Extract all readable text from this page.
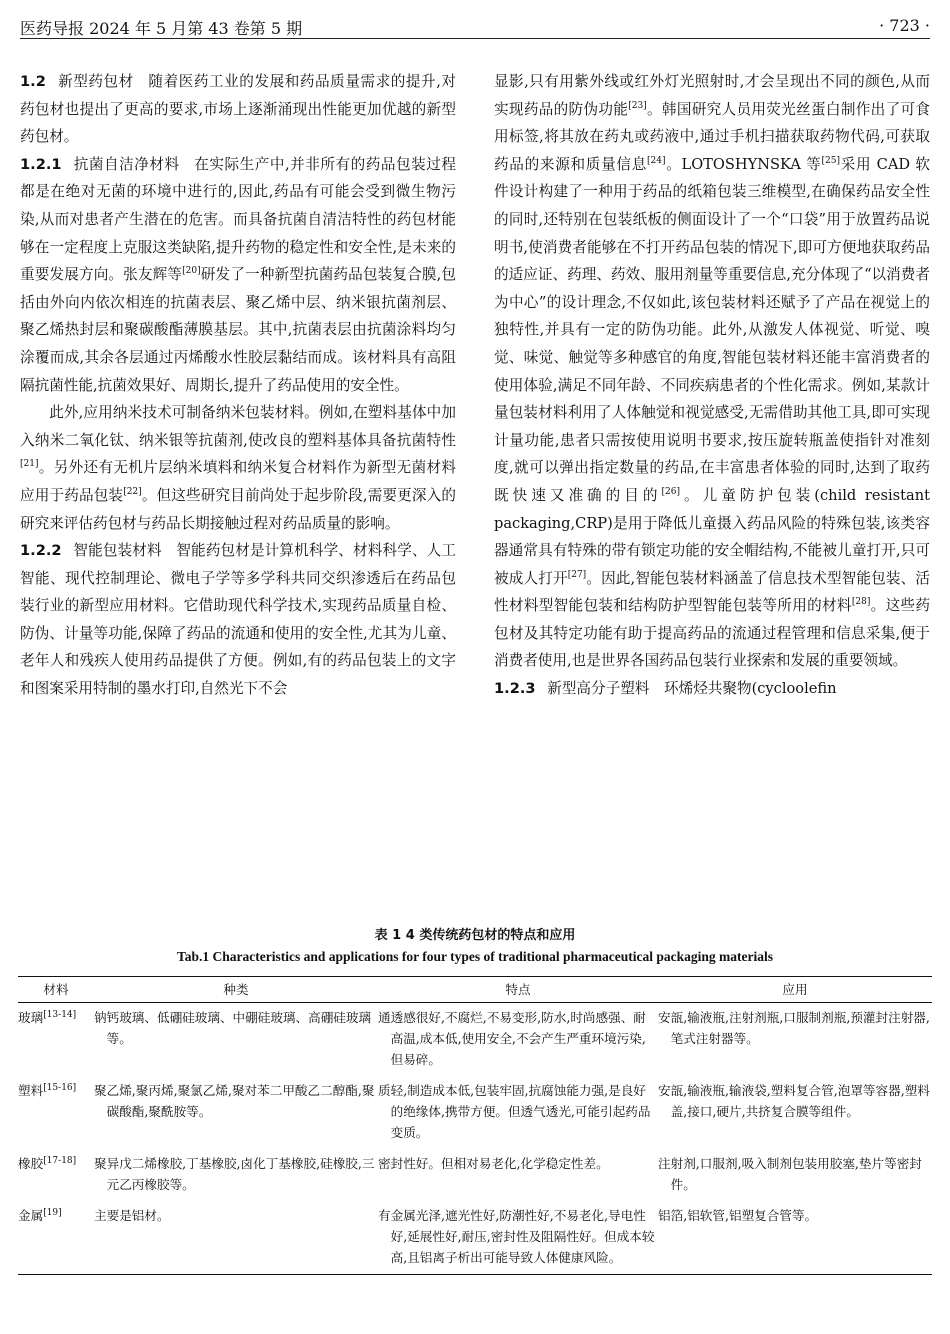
医药导报 2024 年 5 月第 43 卷第 5 期	· 723 ·

1.2 新型药包材 随着医药工业的发展和药品质量需求的提升,对药包材也提出了更高的要求,市场上逐渐涌现出性能更加优越的新型药包材。

1.2.1 抗菌自洁净材料 在实际生产中,并非所有的药品包装过程都是在绝对无菌的环境中进行的,因此,药品有可能会受到微生物污染,从而对患者产生潜在的危害。而具备抗菌自清洁特性的药包材能够在一定程度上克服这类缺陷,提升药物的稳定性和安全性,是未来的重要发展方向。张友辉等[20]研发了一种新型抗菌药品包装复合膜,包括由外向内依次相连的抗菌表层、聚乙烯中层、纳米银抗菌剂层、聚乙烯热封层和聚碳酸酯薄膜基层。其中,抗菌表层由抗菌涂料均匀涂覆而成,其余各层通过丙烯酸水性胶层黏结而成。该材料具有高阻隔抗菌性能,抗菌效果好、周期长,提升了药品使用的安全性。

此外,应用纳米技术可制备纳米包装材料。例如,在塑料基体中加入纳米二氧化钛、纳米银等抗菌剂,使改良的塑料基体具备抗菌特性[21]。另外还有无机片层纳米填料和纳米复合材料作为新型无菌材料应用于药品包装[22]。但这些研究目前尚处于起步阶段,需要更深入的研究来评估药包材与药品长期接触过程对药品质量的影响。

1.2.2 智能包装材料 智能药包材是计算机科学、材料科学、人工智能、现代控制理论、微电子学等多学科共同交织渗透后在药品包装行业的新型应用材料。它借助现代科学技术,实现药品质量自检、防伪、计量等功能,保障了药品的流通和使用的安全性,尤其为儿童、老年人和残疾人使用药品提供了方便。例如,有的药品包装上的文字和图案采用特制的墨水打印,自然光下不会

显影,只有用紫外线或红外灯光照射时,才会呈现出不同的颜色,从而实现药品的防伪功能[23]。韩国研究人员用荧光丝蛋白制作出了可食用标签,将其放在药丸或药液中,通过手机扫描获取药物代码,可获取药品的来源和质量信息[24]。LOTOSHYNSKA 等[25]采用 CAD 软件设计构建了一种用于药品的纸箱包装三维模型,在确保药品安全性的同时,还特别在包装纸板的侧面设计了一个“口袋”用于放置药品说明书,使消费者能够在不打开药品包装的情况下,即可方便地获取药品的适应证、药理、药效、服用剂量等重要信息,充分体现了“以消费者为中心”的设计理念,不仅如此,该包装材料还赋予了产品在视觉上的独特性,并具有一定的防伪功能。此外,从激发人体视觉、听觉、嗅觉、味觉、触觉等多种感官的角度,智能包装材料还能丰富消费者的使用体验,满足不同年龄、不同疾病患者的个性化需求。例如,某款计量包装材料利用了人体触觉和视觉感受,无需借助其他工具,即可实现计量功能,患者只需按使用说明书要求,按压旋转瓶盖使指针对准刻度,就可以弹出指定数量的药品,在丰富患者体验的同时,达到了取药既快速又准确的目的[26]。儿童防护包装(child resistant packaging,CRP)是用于降低儿童摄入药品风险的特殊包装,该类容器通常具有特殊的带有锁定功能的安全帽结构,不能被儿童打开,只可被成人打开[27]。因此,智能包装材料涵盖了信息技术型智能包装、活性材料型智能包装和结构防护型智能包装等所用的材料[28]。这些药包材及其特定功能有助于提高药品的流通过程管理和信息采集,便于消费者使用,也是世界各国药品包装行业探索和发展的重要领域。

1.2.3 新型高分子塑料 环烯烃共聚物(cycloolefin

表 1 4 类传统药包材的特点和应用
Tab.1 Characteristics and applications for four types of traditional pharmaceutical packaging materials
材料	种类	特点	应用
玻璃[13-14]	钠钙玻璃、低硼硅玻璃、中硼硅玻璃、高硼硅玻璃等。	通透感很好,不腐烂,不易变形,防水,时尚感强、耐高温,成本低,使用安全,不会产生严重环境污染,但易碎。	安瓿,输液瓶,注射剂瓶,口服制剂瓶,预灌封注射器,笔式注射器等。

塑料[15-16]	聚乙烯,聚丙烯,聚氯乙烯,聚对苯二甲酸乙二醇酯,聚碳酸酯,聚酰胺等。	质轻,制造成本低,包装牢固,抗腐蚀能力强,是良好的绝缘体,携带方便。但透气透光,可能引起药品变质。	安瓿,输液瓶,输液袋,塑料复合管,泡罩等容器,塑料盖,接口,硬片,共挤复合膜等组件。

橡胶[17-18]	聚异戊二烯橡胶,丁基橡胶,卤化丁基橡胶,硅橡胶,三元乙丙橡胶等。	密封性好。但相对易老化,化学稳定性差。	注射剂,口服剂,吸入制剂包装用胶塞,垫片等密封件。

金属[19]	主要是铝材。	有金属光泽,遮光性好,防潮性好,不易老化,导电性好,延展性好,耐压,密封性及阻隔性好。但成本较高,且铝离子析出可能导致人体健康风险。	铝箔,铝软管,铝塑复合管等。
